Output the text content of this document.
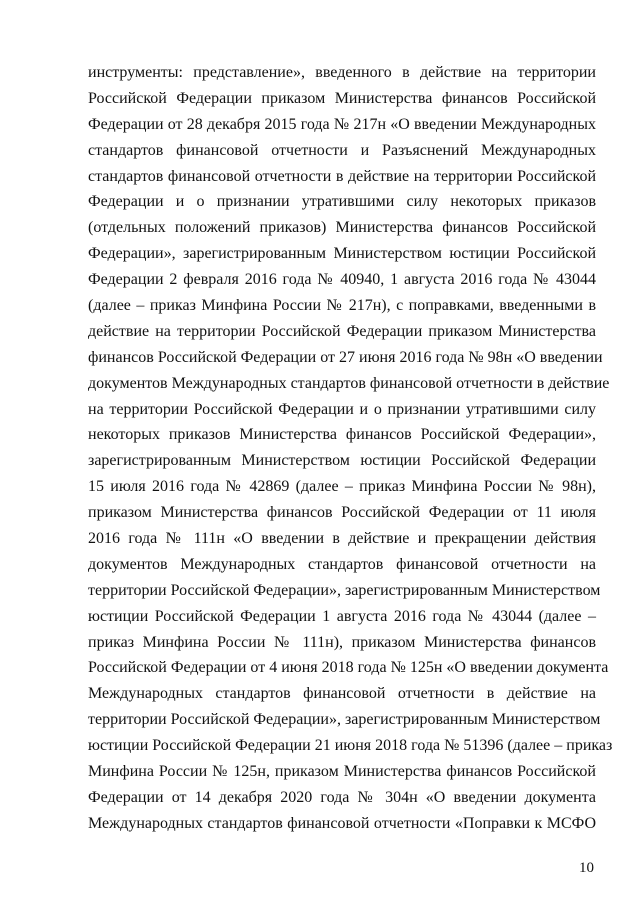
инструменты: представление», введенного в действие на территории
Российской Федерации приказом Министерства финансов Российской
Федерации от 28 декабря 2015 года № 217н «О введении Международных
стандартов финансовой отчетности и Разъяснений Международных
стандартов финансовой отчетности в действие на территории Российской
Федерации и о признании утратившими силу некоторых приказов
(отдельных положений приказов) Министерства финансов Российской
Федерации», зарегистрированным Министерством юстиции Российской
Федерации 2 февраля 2016 года № 40940, 1 августа 2016 года № 43044
(далее – приказ Минфина России № 217н), с поправками, введенными в
действие на территории Российской Федерации приказом Министерства
финансов Российской Федерации от 27 июня 2016 года № 98н «О введении
документов Международных стандартов финансовой отчетности в действие
на территории Российской Федерации и о признании утратившими силу
некоторых приказов Министерства финансов Российской Федерации»,
зарегистрированным Министерством юстиции Российской Федерации
15 июля 2016 года № 42869 (далее – приказ Минфина России № 98н),
приказом Министерства финансов Российской Федерации от 11 июля
2016 года № 111н «О введении в действие и прекращении действия
документов Международных стандартов финансовой отчетности на
территории Российской Федерации», зарегистрированным Министерством
юстиции Российской Федерации 1 августа 2016 года № 43044 (далее –
приказ Минфина России № 111н), приказом Министерства финансов
Российской Федерации от 4 июня 2018 года № 125н «О введении документа
Международных стандартов финансовой отчетности в действие на
территории Российской Федерации», зарегистрированным Министерством
юстиции Российской Федерации 21 июня 2018 года № 51396 (далее – приказ
Минфина России № 125н, приказом Министерства финансов Российской
Федерации от 14 декабря 2020 года № 304н «О введении документа
Международных стандартов финансовой отчетности «Поправки к МСФО
10
